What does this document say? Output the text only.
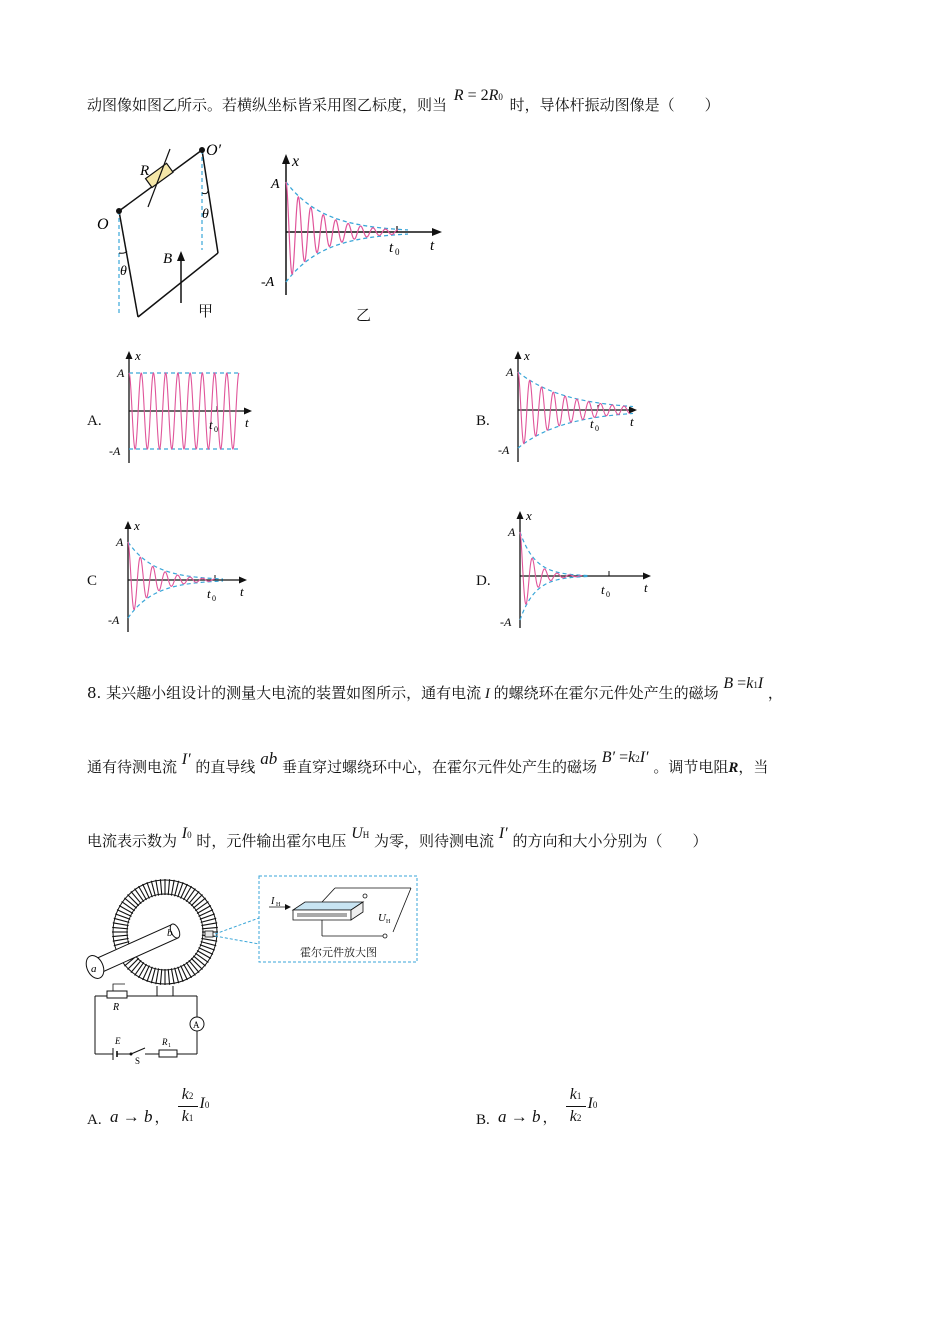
动图像如图乙所示。若横纵坐标皆采用图乙标度，则当 R = 2R0 时，导体杆振动图像是（　　）
R
O′
O
θ
θ
B
甲
x
A
-A
t 0 t
乙
A.
x
A
-A
t 0 t	B.
x
A
-A
t 0 t
C
x
A
-A
t 0 t
D.
x
A
-A
t 0	t
8. 某兴趣小组设计的测量大电流的装置如图所示，通有电流 I 的螺绕环在霍尔元件处产生的磁场 B =k1I ，
通有待测电流 I′ 的直导线 ab 垂直穿过螺绕环中心，在霍尔元件处产生的磁场 B′ =k2I′ 。调节电阻R，当
电流表示数为 I0 时，元件输出霍尔电压 UH 为零，则待测电流 I′ 的方向和大小分别为（　　）
a
b
I H
U H
R
A
E
S
R 1
霍尔元件放大图
A. a → b ， $\frac{k2}{k1} I0$
B. a → b ， $\frac{k1}{k2} I0$
